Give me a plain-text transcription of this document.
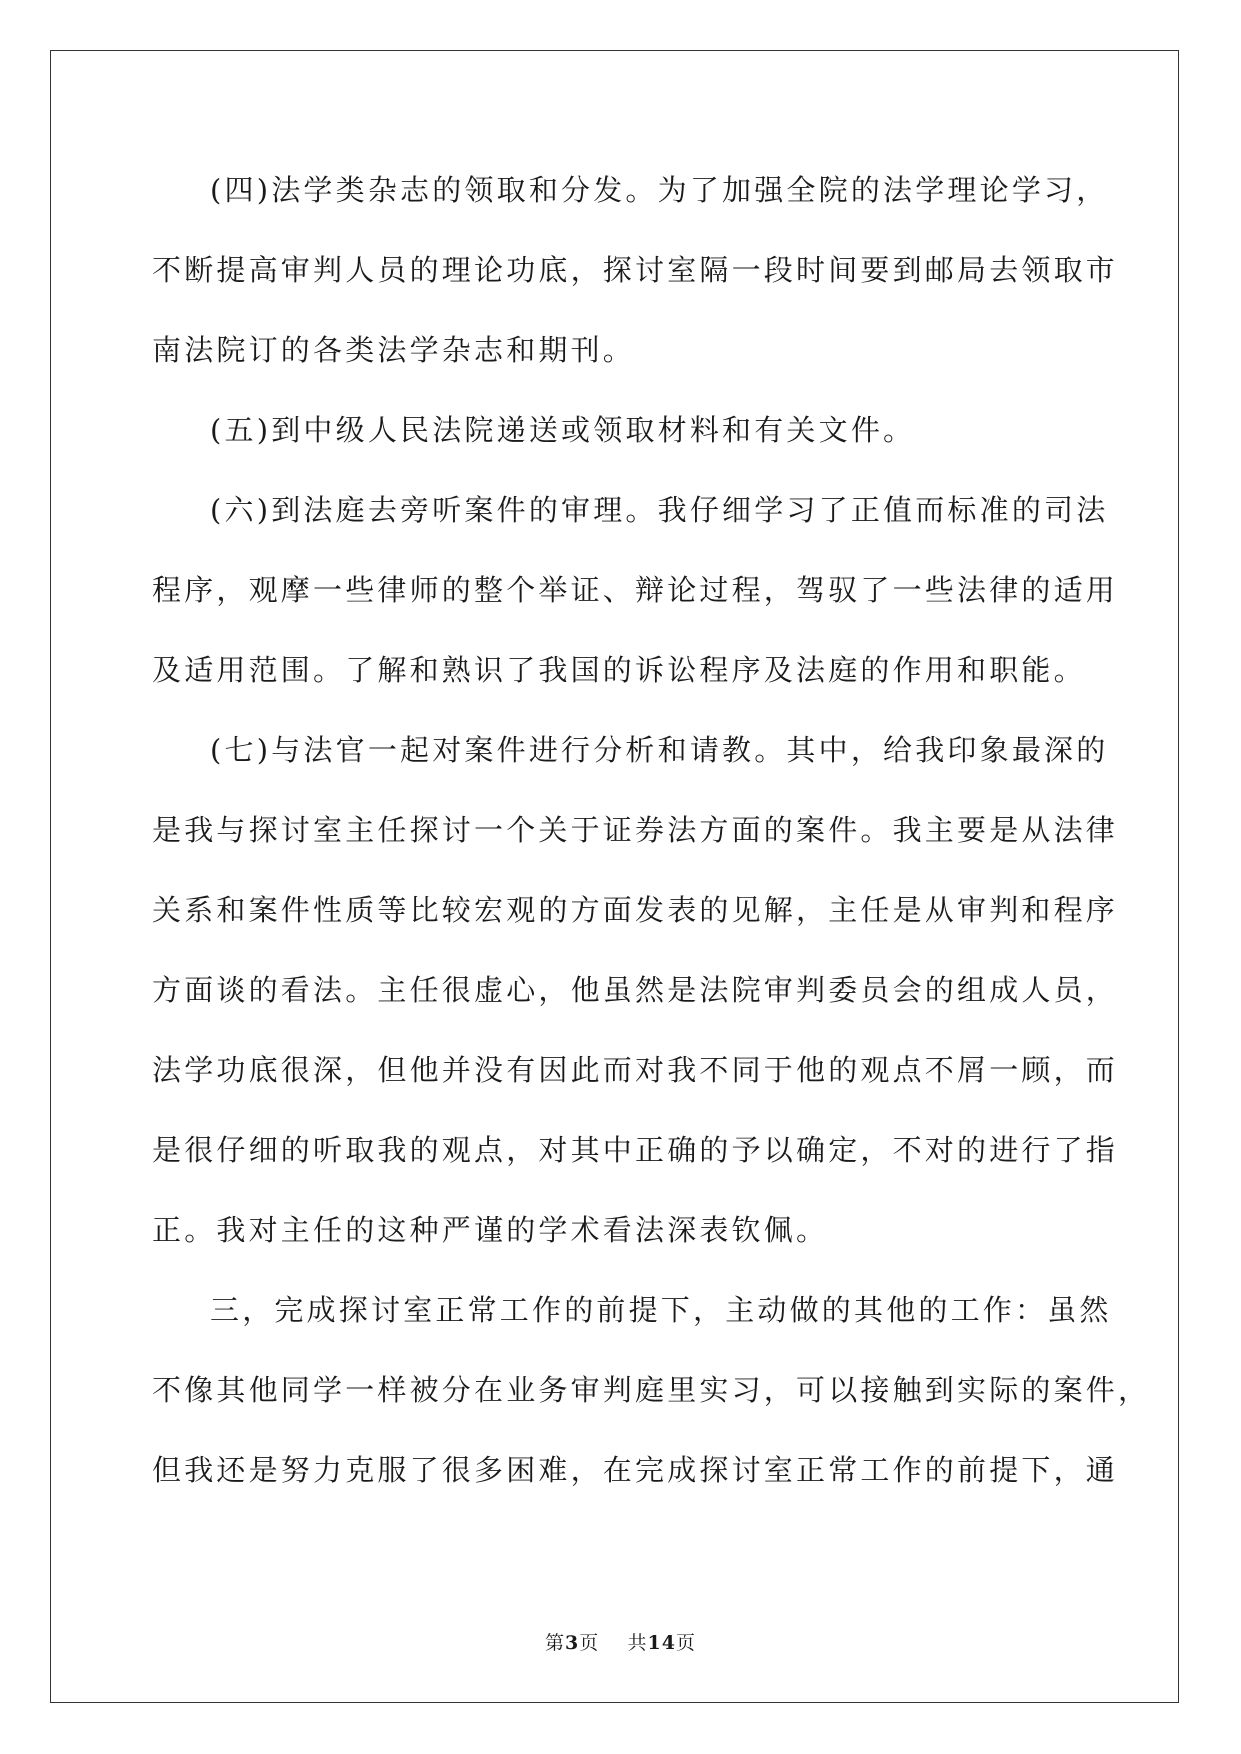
(四)法学类杂志的领取和分发。为了加强全院的法学理论学习，
不断提高审判人员的理论功底，探讨室隔一段时间要到邮局去领取市
南法院订的各类法学杂志和期刊。

(五)到中级人民法院递送或领取材料和有关文件。

(六)到法庭去旁听案件的审理。我仔细学习了正值而标准的司法
程序，观摩一些律师的整个举证、辩论过程，驾驭了一些法律的适用
及适用范围。了解和熟识了我国的诉讼程序及法庭的作用和职能。

(七)与法官一起对案件进行分析和请教。其中，给我印象最深的
是我与探讨室主任探讨一个关于证券法方面的案件。我主要是从法律
关系和案件性质等比较宏观的方面发表的见解，主任是从审判和程序
方面谈的看法。主任很虚心，他虽然是法院审判委员会的组成人员，
法学功底很深，但他并没有因此而对我不同于他的观点不屑一顾，而
是很仔细的听取我的观点，对其中正确的予以确定，不对的进行了指
正。我对主任的这种严谨的学术看法深表钦佩。

三，完成探讨室正常工作的前提下，主动做的其他的工作：虽然
不像其他同学一样被分在业务审判庭里实习，可以接触到实际的案件，
但我还是努力克服了很多困难，在完成探讨室正常工作的前提下，通

第3页 共14页
